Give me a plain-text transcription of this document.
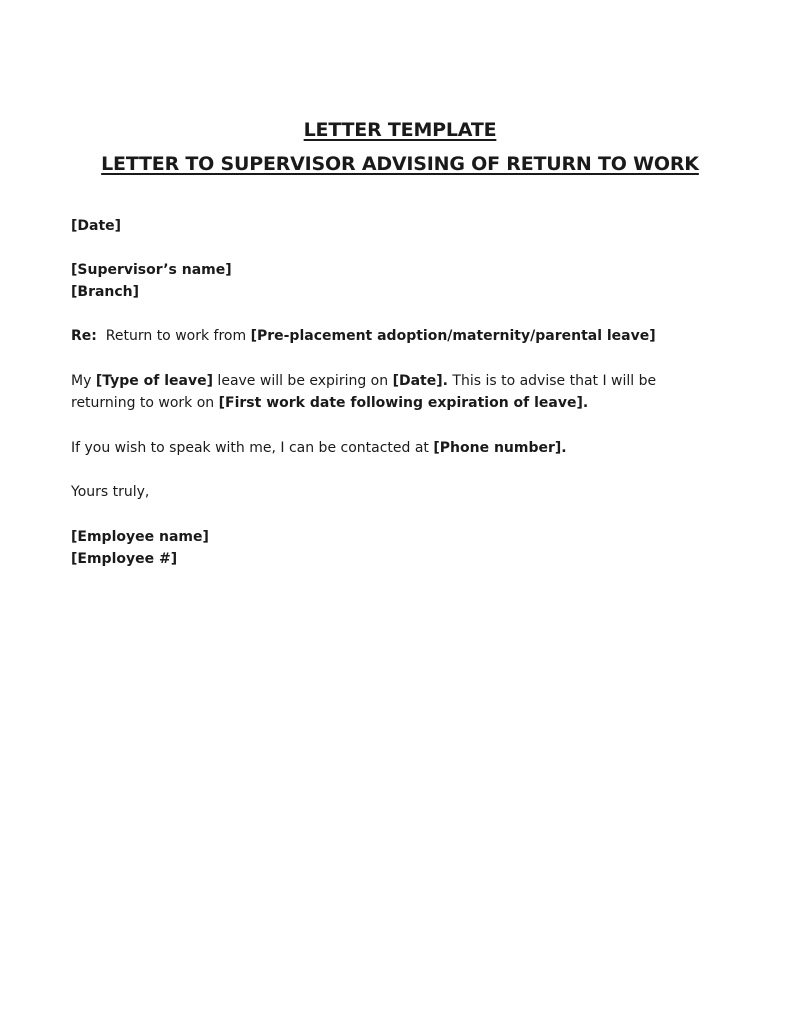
LETTER TEMPLATE
LETTER TO SUPERVISOR ADVISING OF RETURN TO WORK
[Date]
[Supervisor’s name]
[Branch]
Re: Return to work from [Pre-placement adoption/maternity/parental leave]
My [Type of leave] leave will be expiring on [Date]. This is to advise that I will be
returning to work on [First work date following expiration of leave].
If you wish to speak with me, I can be contacted at [Phone number].
Yours truly,
[Employee name]
[Employee #]
